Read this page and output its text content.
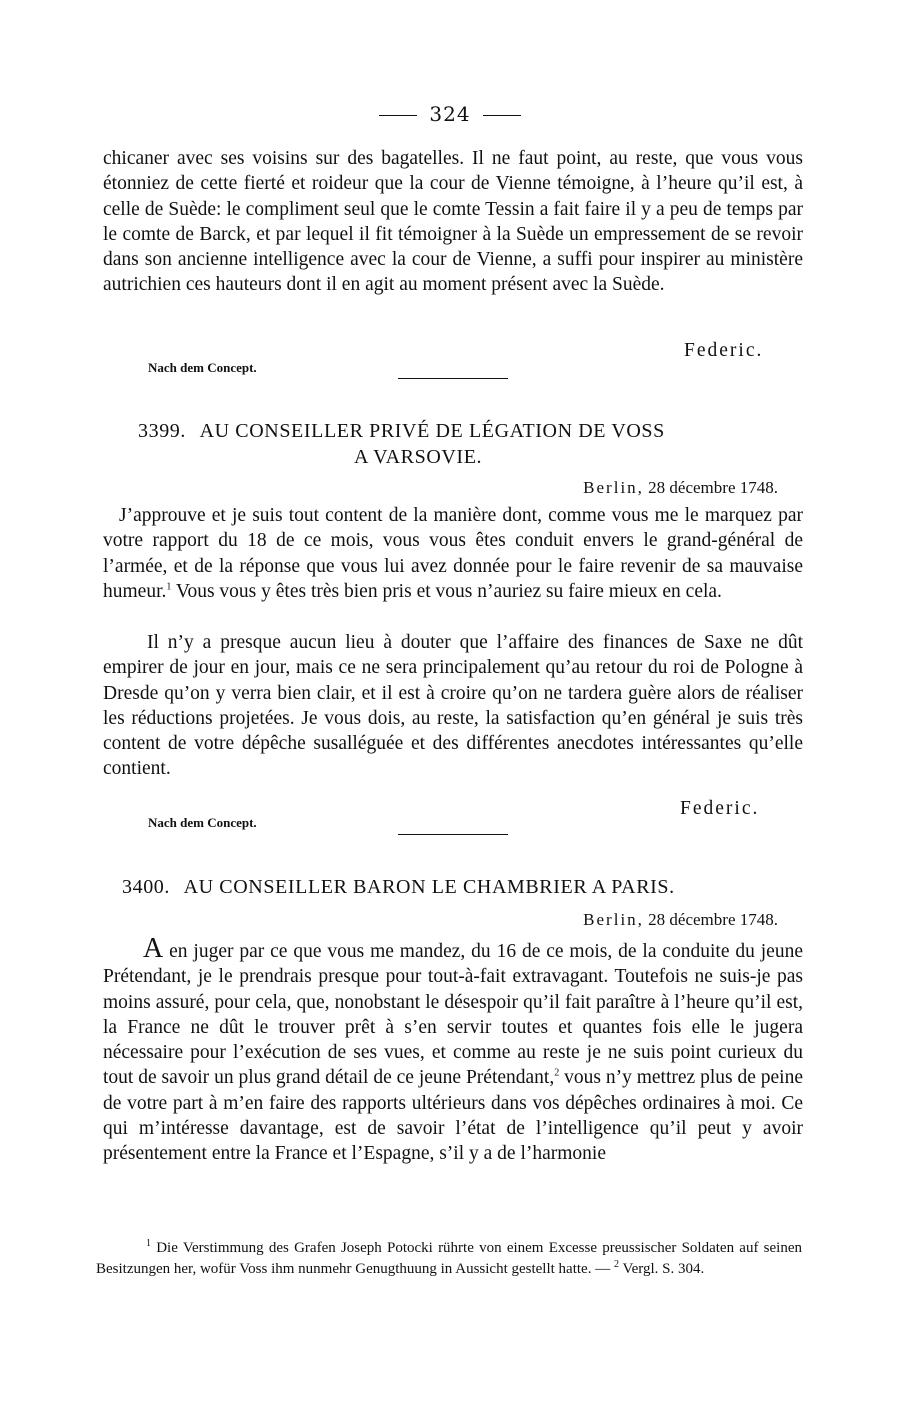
324
chicaner avec ses voisins sur des bagatelles. Il ne faut point, au reste, que vous vous étonniez de cette fierté et roideur que la cour de Vienne témoigne, à l’heure qu’il est, à celle de Suède: le compliment seul que le comte Tessin a fait faire il y a peu de temps par le comte de Barck, et par lequel il fit témoigner à la Suède un empressement de se revoir dans son ancienne intelligence avec la cour de Vienne, a suffi pour inspirer au ministère autrichien ces hauteurs dont il en agit au moment présent avec la Suède.
Federic.
Nach dem Concept.
3399. AU CONSEILLER PRIVÉ DE LÉGATION DE VOSS
A VARSOVIE.
Berlin, 28 décembre 1748.
J’approuve et je suis tout content de la manière dont, comme vous me le marquez par votre rapport du 18 de ce mois, vous vous êtes conduit envers le grand-général de l’armée, et de la réponse que vous lui avez donnée pour le faire revenir de sa mauvaise humeur.$^1$ Vous vous y êtes très bien pris et vous n’auriez su faire mieux en cela.
Il n’y a presque aucun lieu à douter que l’affaire des finances de Saxe ne dût empirer de jour en jour, mais ce ne sera principalement qu’au retour du roi de Pologne à Dresde qu’on y verra bien clair, et il est à croire qu’on ne tardera guère alors de réaliser les réductions projetées. Je vous dois, au reste, la satisfaction qu’en général je suis très content de votre dépêche susalléguée et des différentes anecdotes intéressantes qu’elle contient.
Federic.
Nach dem Concept.
3400. AU CONSEILLER BARON LE CHAMBRIER A PARIS.
Berlin, 28 décembre 1748.
A en juger par ce que vous me mandez, du 16 de ce mois, de la conduite du jeune Prétendant, je le prendrais presque pour tout-à-fait extravagant. Toutefois ne suis-je pas moins assuré, pour cela, que, nonobstant le désespoir qu’il fait paraître à l’heure qu’il est, la France ne dût le trouver prêt à s’en servir toutes et quantes fois elle le jugera nécessaire pour l’exécution de ses vues, et comme au reste je ne suis point curieux du tout de savoir un plus grand détail de ce jeune Prétendant,$^2$ vous n’y mettrez plus de peine de votre part à m’en faire des rapports ultérieurs dans vos dépêches ordinaires à moi. Ce qui m’intéresse davantage, est de savoir l’état de l’intelligence qu’il peut y avoir présentement entre la France et l’Espagne, s’il y a de l’harmonie
$^1$ Die Verstimmung des Grafen Joseph Potocki rührte von einem Excesse preussischer Soldaten auf seinen Besitzungen her, wofür Voss ihm nunmehr Genugthuung in Aussicht gestellt hatte. — $^2$ Vergl. S. 304.
